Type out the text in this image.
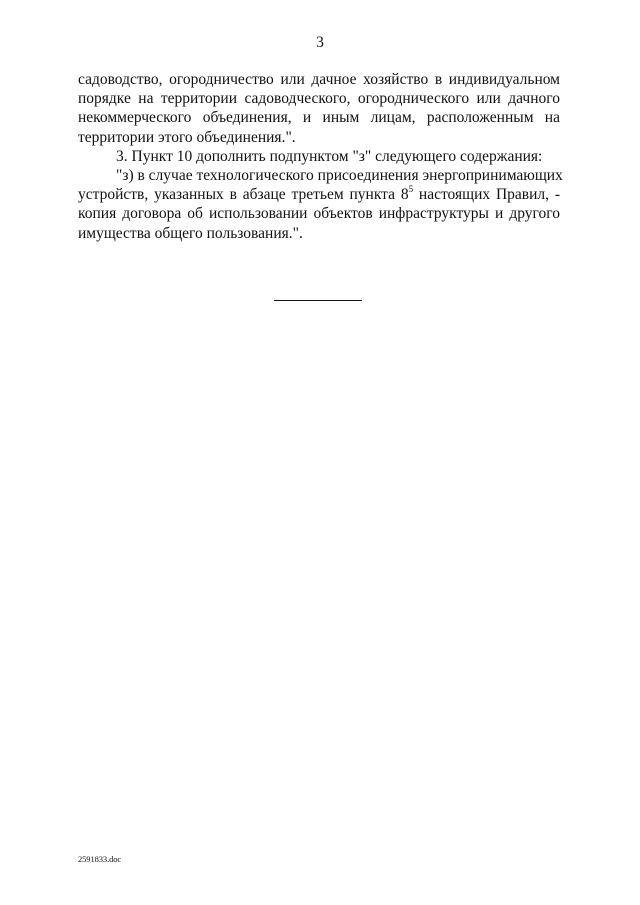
3
садоводство, огородничество или дачное хозяйство в индивидуальном
порядке на территории садоводческого, огороднического или дачного
некоммерческого объединения, и иным лицам, расположенным на
территории этого объединения.".
3. Пункт 10 дополнить подпунктом "з" следующего содержания:
"з) в случае технологического присоединения энергопринимающих
устройств, указанных в абзаце третьем пункта $8^5$ настоящих Правил, -
копия договора об использовании объектов инфраструктуры и другого
имущества общего пользования.".
2591833.doc
